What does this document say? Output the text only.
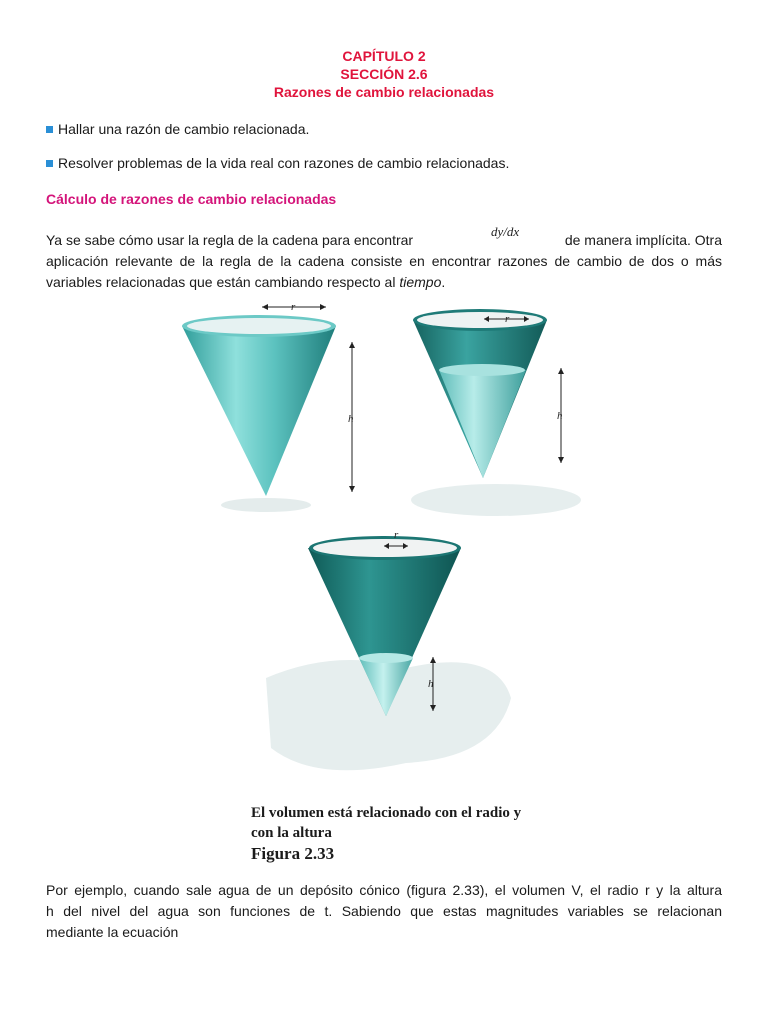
CAPÍTULO 2
SECCIÓN 2.6
Razones de cambio relacionadas
Hallar una razón de cambio relacionada.
Resolver problemas de la vida real con razones de cambio relacionadas.
Cálculo de razones de cambio relacionadas
dy/dx
Ya se sabe cómo usar la regla de la cadena para encontrar	de manera implícita. Otra
aplicación relevante de la regla de la cadena consiste en encontrar razones de cambio de dos o más
variables relacionadas que están cambiando respecto al tiempo.
r
h
r
h
r
h
El volumen está relacionado con el radio y
con la altura
Figura 2.33
Por ejemplo, cuando sale agua de un depósito cónico (figura 2.33), el volumen V, el radio r y la altura
h del nivel del agua son funciones de t. Sabiendo que estas magnitudes variables se relacionan
mediante la ecuación
